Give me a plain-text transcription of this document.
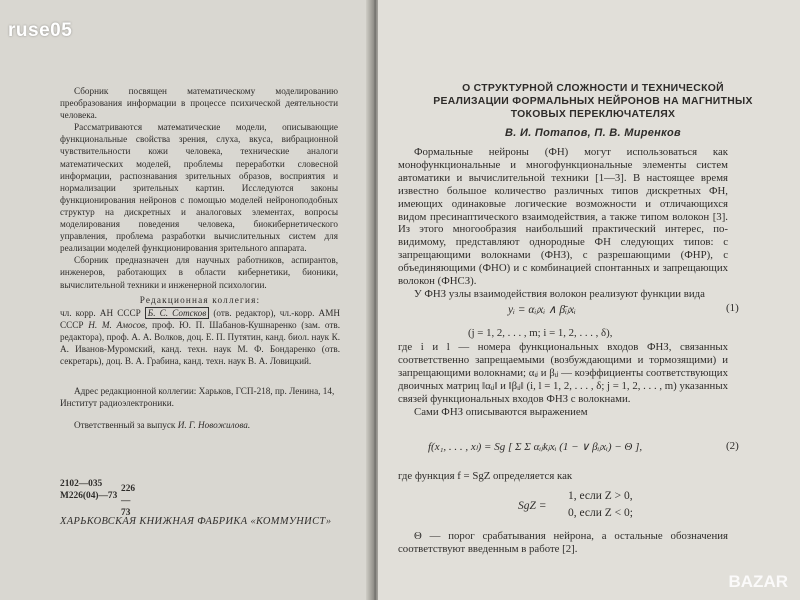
Сборник посвящен математическому моделированию преобразования информации в процессе психической деятельности человека.

Рассматриваются математические модели, описывающие функциональные свойства зрения, слуха, вкуса, вибрационной чувствительности кожи человека, технические аналоги математических моделей, проблемы переработки словесной информации, распознавания зрительных образов, восприятия и нормализации зрительных картин. Исследуются законы функционирования нейронов с помощью моделей нейроноподобных структур на дискретных и аналоговых элементах, вопросы моделирования поведения человека, биокибернетического управления, проблема разработки вычислительных систем для реализации моделей функционирования зрительного аппарата.

Сборник предназначен для научных работников, аспирантов, инженеров, работающих в области кибернетики, бионики, вычислительной техники и инженерной психологии.

Редакционная коллегия:
чл. корр. АН СССР Б. С. Сотсков (отв. редактор), чл.-корр. АМН СССР Н. М. Амосов, проф. Ю. П. Шабанов-Кушнаренко (зам. отв. редактора), проф. А. А. Волков, доц. Е. П. Путятин, канд. биол. наук К. А. Иванов-Муромский, канд. техн. наук М. Ф. Бондаренко (отв. секретарь), доц. В. А. Грабина, канд. техн. наук В. А. Ловицкий.
Адрес редакционной коллегии: Харьков, ГСП-218, пр. Ленина, 14, Институт радиоэлектроники.
Ответственный за выпуск И. Г. Новожилова.
2102—035	226—73
М226(04)—73
ХАРЬКОВСКАЯ КНИЖНАЯ ФАБРИКА «КОММУНИСТ»
ruse05
О СТРУКТУРНОЙ СЛОЖНОСТИ И ТЕХНИЧЕСКОЙ
РЕАЛИЗАЦИИ ФОРМАЛЬНЫХ НЕЙРОНОВ НА МАГНИТНЫХ
ТОКОВЫХ ПЕРЕКЛЮЧАТЕЛЯХ
В. И. Потапов, П. В. Миренков

Формальные нейроны (ФН) могут использоваться как монофункциональные и многофункциональные элементы систем автоматики и вычислительной техники [1—3]. В настоящее время известно большое количество различных типов дискретных ФН, имеющих одинаковые логические возможности и отличающихся видом пресинаптического взаимодействия, а также типом волокон [3]. Из этого многообразия наибольший практический интерес, по-видимому, представляют однородные ФН следующих типов: с запрещающими волокнами (ФНЗ), с разрешающими (ФНР), с объединяющими (ФНО) и с комбинацией спонтанных и запрещающих волокон (ФНСЗ).

У ФНЗ узлы взаимодействия волокон реализуют функции вида

yᵢ = αᵢⱼxᵢ ∧ β̄ᵢⱼxᵢ	(1)
(j = 1, 2, . . . , m; i = 1, 2, . . . , δ),

где i и l — номера функциональных входов ФНЗ, связанных соответственно запрещаемыми (возбуждающими и тормозящими) и запрещающими волокнами; αᵢⱼ и βᵢⱼ — коэффициенты соответствующих двоичных матриц ‖αᵢⱼ‖ и ‖βᵢⱼ‖ (i, l = 1, 2, . . . , δ; j = 1, 2, . . . , m) указанных связей функциональных входов ФНЗ с волокнами.

Сами ФНЗ описываются выражением

f(x₁, . . . , xₗ) = Sg [ Σ Σ αᵢⱼkⱼxᵢ (1 − ∨ βᵢⱼxᵢ) − Θ ],	(2)

где функция f = SgZ определяется как

SgZ =
1, если Z > 0,
0, если Z < 0;

Θ — порог срабатывания нейрона, а остальные обозначения соответствуют введенным в работе [2].

BAZAR
